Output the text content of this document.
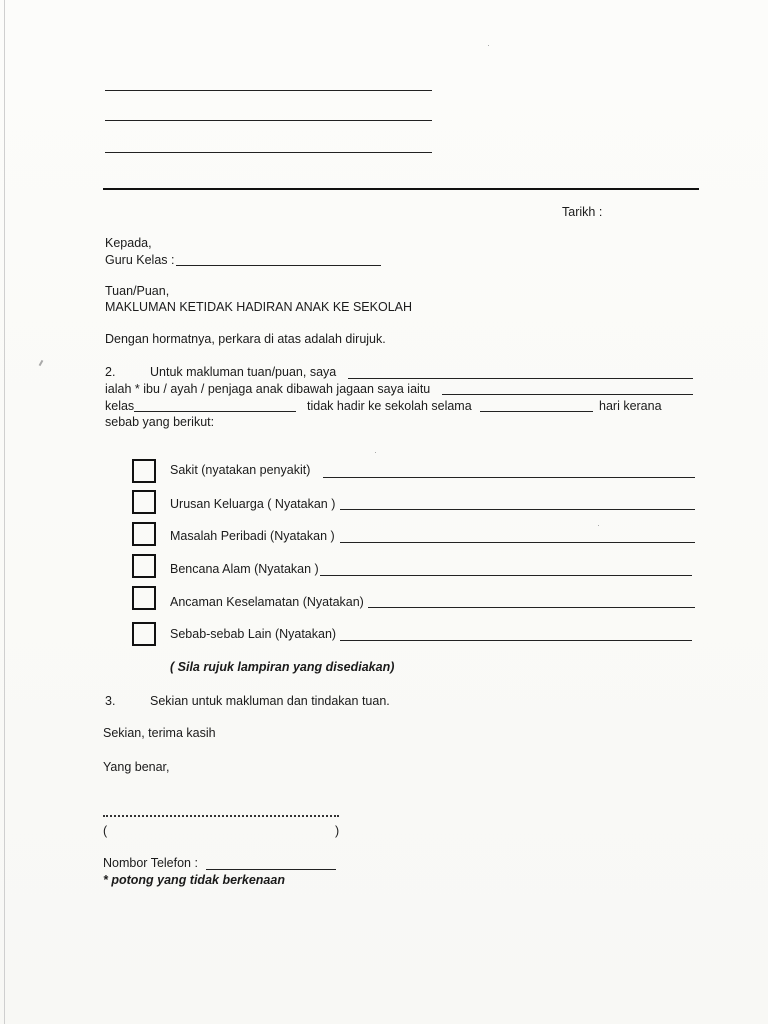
Tarikh :
Kepada,
Guru Kelas :
Tuan/Puan,
MAKLUMAN KETIDAK HADIRAN ANAK KE SEKOLAH
Dengan hormatnya, perkara di atas adalah dirujuk.
2.	Untuk makluman tuan/puan, saya
ialah * ibu / ayah / penjaga anak dibawah jagaan saya iaitu
kelas	tidak hadir ke sekolah selama	hari kerana
sebab yang berikut:
Sakit (nyatakan penyakit)
Urusan Keluarga ( Nyatakan )
Masalah Peribadi (Nyatakan )
Bencana Alam (Nyatakan )
Ancaman Keselamatan (Nyatakan)
Sebab-sebab Lain (Nyatakan)
( Sila rujuk lampiran yang disediakan)
3.	Sekian untuk makluman dan tindakan tuan.
Sekian, terima kasih
Yang benar,
(	)
Nombor Telefon :
* potong yang tidak berkenaan
